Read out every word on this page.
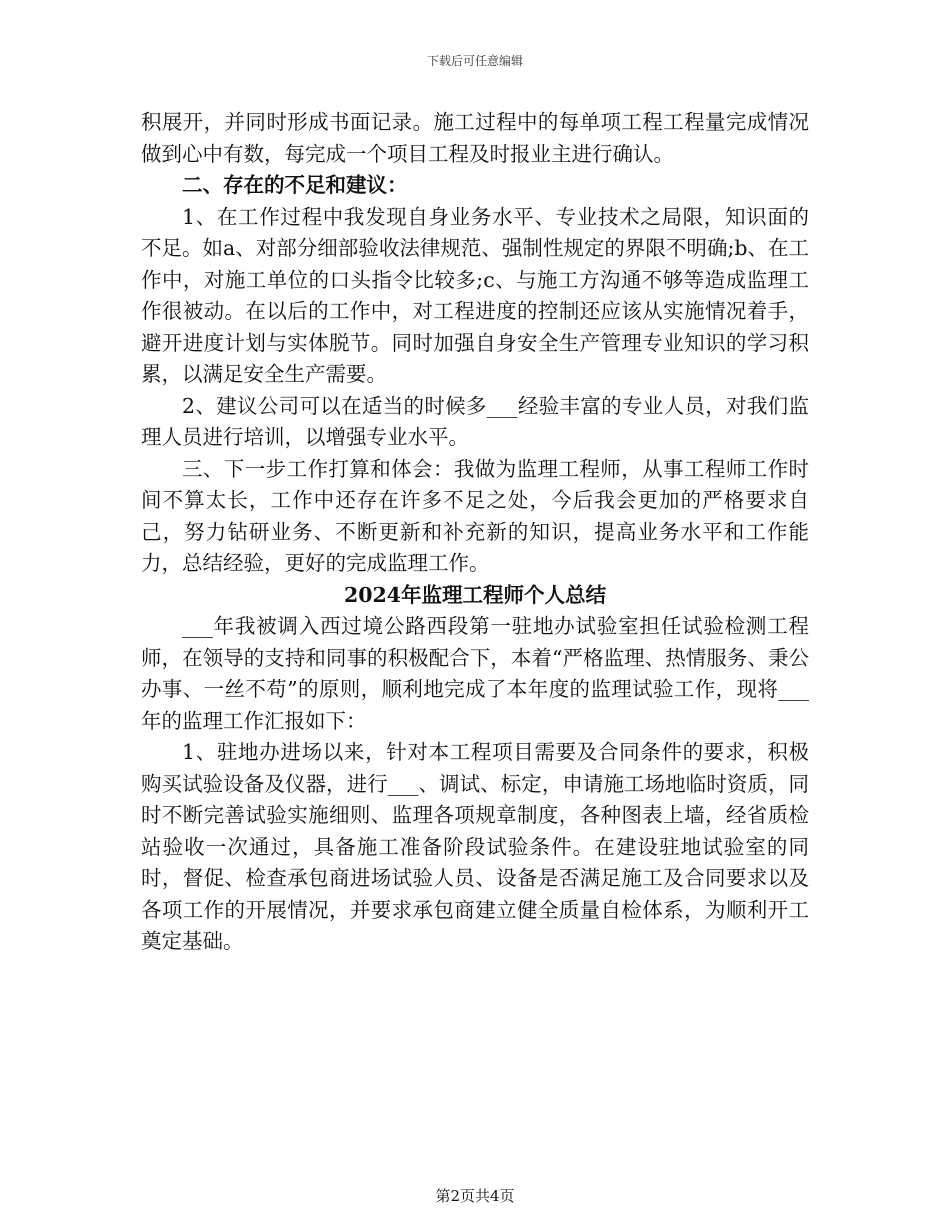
下载后可任意编辑

积展开，并同时形成书面记录。施工过程中的每单项工程工程量完成情况做到心中有数，每完成一个项目工程及时报业主进行确认。

二、存在的不足和建议：

1、在工作过程中我发现自身业务水平、专业技术之局限，知识面的不足。如a、对部分细部验收法律规范、强制性规定的界限不明确;b、在工作中，对施工单位的口头指令比较多;c、与施工方沟通不够等造成监理工作很被动。在以后的工作中，对工程进度的控制还应该从实施情况着手，避开进度计划与实体脱节。同时加强自身安全生产管理专业知识的学习积累，以满足安全生产需要。

2、建议公司可以在适当的时候多___经验丰富的专业人员，对我们监理人员进行培训，以增强专业水平。

三、下一步工作打算和体会：我做为监理工程师，从事工程师工作时间不算太长，工作中还存在许多不足之处，今后我会更加的严格要求自己，努力钻研业务、不断更新和补充新的知识，提高业务水平和工作能力，总结经验，更好的完成监理工作。

2024年监理工程师个人总结

___年我被调入西过境公路西段第一驻地办试验室担任试验检测工程师，在领导的支持和同事的积极配合下，本着“严格监理、热情服务、秉公办事、一丝不苟”的原则，顺利地完成了本年度的监理试验工作，现将___年的监理工作汇报如下：

1、驻地办进场以来，针对本工程项目需要及合同条件的要求，积极购买试验设备及仪器，进行___、调试、标定，申请施工场地临时资质，同时不断完善试验实施细则、监理各项规章制度，各种图表上墙，经省质检站验收一次通过，具备施工准备阶段试验条件。在建设驻地试验室的同时，督促、检查承包商进场试验人员、设备是否满足施工及合同要求以及各项工作的开展情况，并要求承包商建立健全质量自检体系，为顺利开工奠定基础。

第2页共4页
